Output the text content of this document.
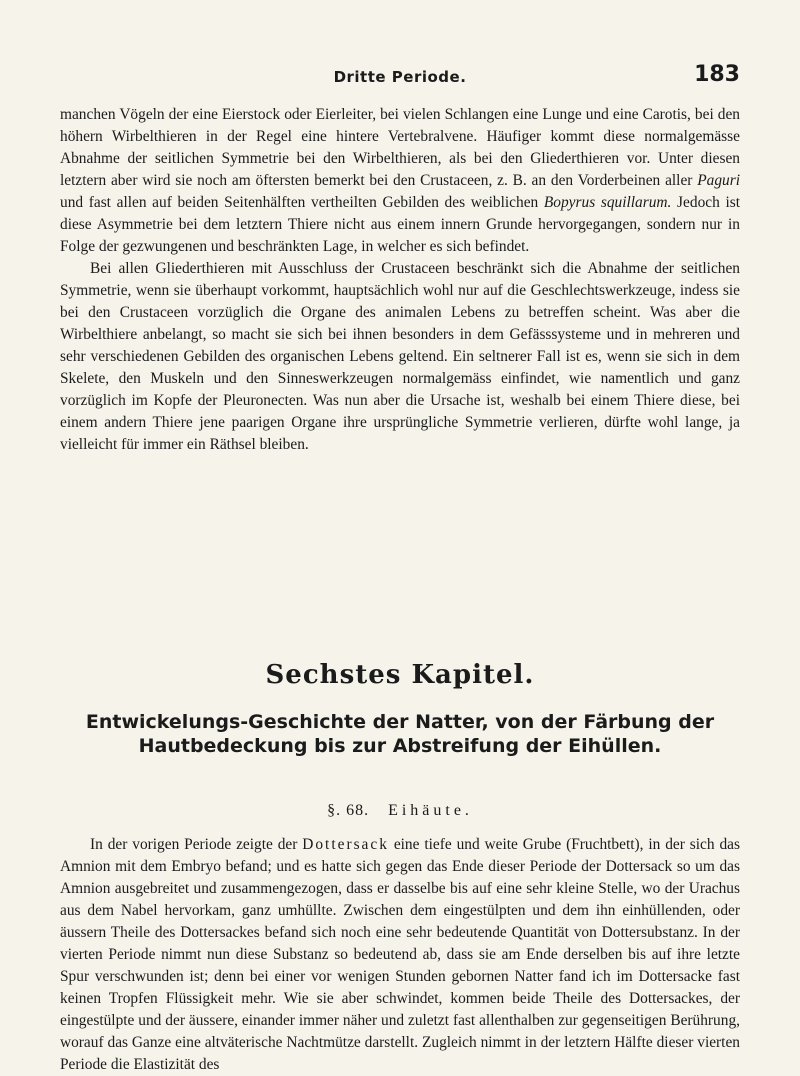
Dritte Periode.	183

manchen Vögeln der eine Eierstock oder Eierleiter, bei vielen Schlangen eine Lunge und eine Carotis, bei den höhern Wirbelthieren in der Regel eine hintere Vertebralvene. Häufiger kommt diese normalgemässe Abnahme der seitlichen Symmetrie bei den Wirbelthieren, als bei den Gliederthieren vor. Unter diesen letztern aber wird sie noch am öftersten bemerkt bei den Crustaceen, z. B. an den Vorderbeinen aller Paguri und fast allen auf beiden Seitenhälften vertheilten Gebilden des weiblichen Bopyrus squillarum. Jedoch ist diese Asymmetrie bei dem letztern Thiere nicht aus einem innern Grunde hervorgegangen, sondern nur in Folge der gezwungenen und beschränkten Lage, in welcher es sich befindet.

Bei allen Gliederthieren mit Ausschluss der Crustaceen beschränkt sich die Abnahme der seitlichen Symmetrie, wenn sie überhaupt vorkommt, hauptsächlich wohl nur auf die Geschlechtswerkzeuge, indess sie bei den Crustaceen vorzüglich die Organe des animalen Lebens zu betreffen scheint. Was aber die Wirbelthiere anbelangt, so macht sie sich bei ihnen besonders in dem Gefässsysteme und in mehreren und sehr verschiedenen Gebilden des organischen Lebens geltend. Ein seltnerer Fall ist es, wenn sie sich in dem Skelete, den Muskeln und den Sinneswerkzeugen normalgemäss einfindet, wie namentlich und ganz vorzüglich im Kopfe der Pleuronecten. Was nun aber die Ursache ist, weshalb bei einem Thiere diese, bei einem andern Thiere jene paarigen Organe ihre ursprüngliche Symmetrie verlieren, dürfte wohl lange, ja vielleicht für immer ein Räthsel bleiben.

Sechstes Kapitel.
Entwickelungs-Geschichte der Natter, von der Färbung der Hautbedeckung bis zur Abstreifung der Eihüllen.
§. 68. Eihäute.

In der vorigen Periode zeigte der Dottersack eine tiefe und weite Grube (Fruchtbett), in der sich das Amnion mit dem Embryo befand; und es hatte sich gegen das Ende dieser Periode der Dottersack so um das Amnion ausgebreitet und zusammengezogen, dass er dasselbe bis auf eine sehr kleine Stelle, wo der Urachus aus dem Nabel hervorkam, ganz umhüllte. Zwischen dem eingestülpten und dem ihn einhüllenden, oder äussern Theile des Dottersackes befand sich noch eine sehr bedeutende Quantität von Dottersubstanz. In der vierten Periode nimmt nun diese Substanz so bedeutend ab, dass sie am Ende derselben bis auf ihre letzte Spur verschwunden ist; denn bei einer vor wenigen Stunden gebornen Natter fand ich im Dottersacke fast keinen Tropfen Flüssigkeit mehr. Wie sie aber schwindet, kommen beide Theile des Dottersackes, der eingestülpte und der äussere, einander immer näher und zuletzt fast allenthalben zur gegenseitigen Berührung, worauf das Ganze eine altväterische Nachtmütze darstellt. Zugleich nimmt in der letztern Hälfte dieser vierten Periode die Elastizität des
